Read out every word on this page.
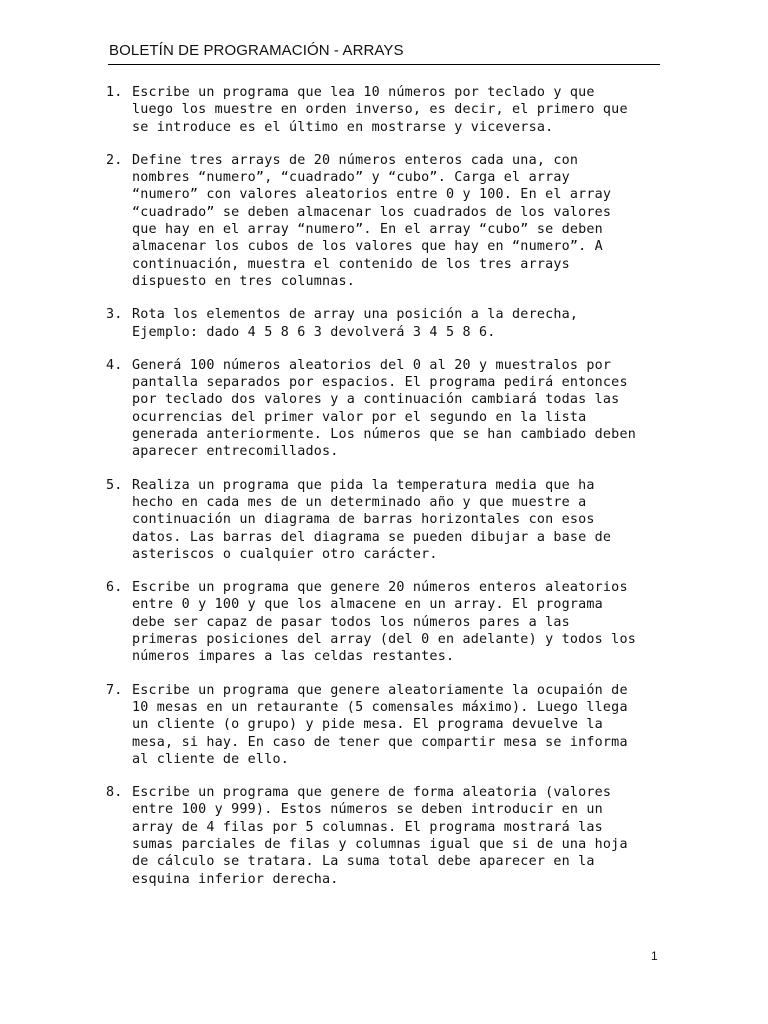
BOLETÍN DE PROGRAMACIÓN - ARRAYS
1. Escribe un programa que lea 10 números por teclado y que
luego los muestre en orden inverso, es decir, el primero que
se introduce es el último en mostrarse y viceversa.
2. Define tres arrays de 20 números enteros cada una, con
nombres “numero”, “cuadrado” y “cubo”. Carga el array
“numero” con valores aleatorios entre 0 y 100. En el array
“cuadrado” se deben almacenar los cuadrados de los valores
que hay en el array “numero”. En el array “cubo” se deben
almacenar los cubos de los valores que hay en “numero”. A
continuación, muestra el contenido de los tres arrays
dispuesto en tres columnas.
3. Rota los elementos de array una posición a la derecha,
Ejemplo: dado 4 5 8 6 3 devolverá 3 4 5 8 6.
4. Generá 100 números aleatorios del 0 al 20 y muestralos por
pantalla separados por espacios. El programa pedirá entonces
por teclado dos valores y a continuación cambiará todas las
ocurrencias del primer valor por el segundo en la lista
generada anteriormente. Los números que se han cambiado deben
aparecer entrecomillados.
5. Realiza un programa que pida la temperatura media que ha
hecho en cada mes de un determinado año y que muestre a
continuación un diagrama de barras horizontales con esos
datos. Las barras del diagrama se pueden dibujar a base de
asteriscos o cualquier otro carácter.
6. Escribe un programa que genere 20 números enteros aleatorios
entre 0 y 100 y que los almacene en un array. El programa
debe ser capaz de pasar todos los números pares a las
primeras posiciones del array (del 0 en adelante) y todos los
números impares a las celdas restantes.
7. Escribe un programa que genere aleatoriamente la ocupaión de
10 mesas en un retaurante (5 comensales máximo). Luego llega
un cliente (o grupo) y pide mesa. El programa devuelve la
mesa, si hay. En caso de tener que compartir mesa se informa
al cliente de ello.
8. Escribe un programa que genere de forma aleatoria (valores
entre 100 y 999). Estos números se deben introducir en un
array de 4 filas por 5 columnas. El programa mostrará las
sumas parciales de filas y columnas igual que si de una hoja
de cálculo se tratara. La suma total debe aparecer en la
esquina inferior derecha.
1
